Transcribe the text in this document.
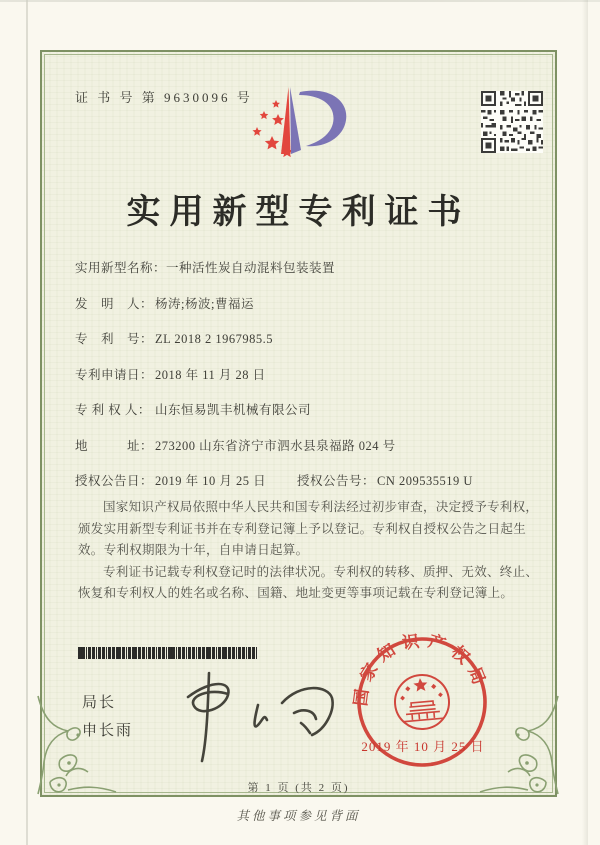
证 书 号 第 9630096 号
实用新型专利证书
实用新型名称：一种活性炭自动混料包装装置
发　明　人： 杨涛;杨波;曹福运
专　利　号： ZL 2018 2 1967985.5
专利申请日： 2018 年 11 月 28 日
专 利 权 人： 山东恒易凯丰机械有限公司
地　　　址： 273200 山东省济宁市泗水县泉福路 024 号
授权公告日： 2019 年 10 月 25 日 授权公告号： CN 209535519 U

国家知识产权局依照中华人民共和国专利法经过初步审查，决定授予专利权，颁发实用新型专利证书并在专利登记簿上予以登记。专利权自授权公告之日起生效。专利权期限为十年，自申请日起算。

专利证书记载专利权登记时的法律状况。专利权的转移、质押、无效、终止、恢复和专利权人的姓名或名称、国籍、地址变更等事项记载在专利登记簿上。

局长
申长雨
国家知识产权局
2019 年 10 月 25 日
第 1 页 (共 2 页)
其他事项参见背面
